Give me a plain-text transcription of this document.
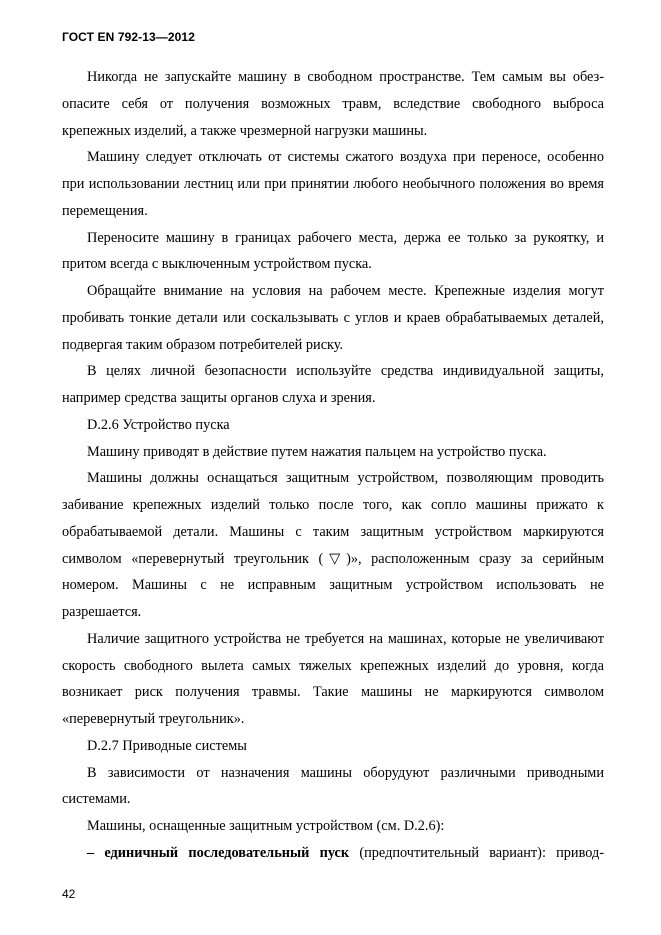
ГОСТ EN 792-13—2012

Никогда не запускайте машину в свободном пространстве. Тем самым вы обезопасите себя от получения возможных травм, вследствие свободного выброса крепежных изделий, а также чрезмерной нагрузки машины.

Машину следует отключать от системы сжатого воздуха при переносе, особенно при использовании лестниц или при принятии любого необычного положения во время перемещения.

Переносите машину в границах рабочего места, держа ее только за рукоятку, и притом всегда с выключенным устройством пуска.

Обращайте внимание на условия на рабочем месте. Крепежные изделия могут пробивать тонкие детали или соскальзывать с углов и краев обрабатываемых деталей, подвергая таким образом потребителей риску.

В целях личной безопасности используйте средства индивидуальной защиты, например средства защиты органов слуха и зрения.

D.2.6 Устройство пуска

Машину приводят в действие путем нажатия пальцем на устройство пуска.

Машины должны оснащаться защитным устройством, позволяющим проводить забивание крепежных изделий только после того, как сопло машины прижато к обрабатываемой детали. Машины с таким защитным устройством маркируются символом «перевернутый треугольник (▽)», расположенным сразу за серийным номером. Машины с не исправным защитным устройством использовать не разрешается.

Наличие защитного устройства не требуется на машинах, которые не увеличивают скорость свободного вылета самых тяжелых крепежных изделий до уровня, когда возникает риск получения травмы. Такие машины не маркируются символом «перевернутый треугольник».

D.2.7 Приводные системы

В зависимости от назначения машины оборудуют различными приводными системами.

Машины, оснащенные защитным устройством (см. D.2.6):

– единичный последовательный пуск (предпочтительный вариант): привод-

42
